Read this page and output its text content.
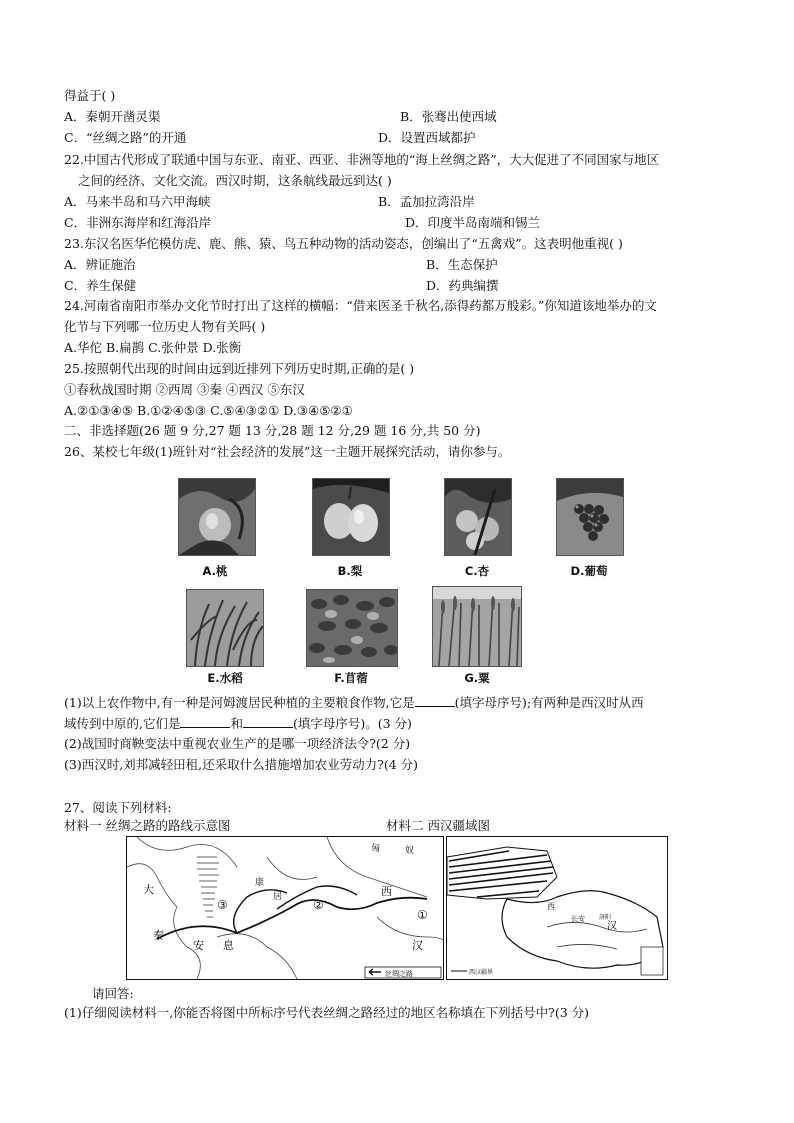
得益于( )
A．秦朝开凿灵渠	B．张骞出使西域
C．“丝绸之路”的开通	D．设置西域都护
22.中国古代形成了联通中国与东亚、南亚、西亚、非洲等地的“海上丝绸之路”，大大促进了不同国家与地区
之间的经济、文化交流。西汉时期，这条航线最远到达( )
A．马来半岛和马六甲海峡	B．孟加拉湾沿岸
C．非洲东海岸和红海沿岸	D．印度半岛南端和锡兰
23.东汉名医华佗模仿虎、鹿、熊、猿、鸟五种动物的活动姿态，创编出了“五禽戏”。这表明他重视( )
A．辨证施治	B．生态保护
C．养生保健	D．药典编撰
24.河南省南阳市举办文化节时打出了这样的横幅：“借来医圣千秋名,添得药都万般彩。”你知道该地举办的文
化节与下列哪一位历史人物有关吗( )
A.华佗 B.扁鹊 C.张仲景 D.张衡
25.按照朝代出现的时间由远到近排列下列历史时期,正确的是( )
①春秋战国时期 ②西周 ③秦 ④西汉 ⑤东汉
A.②①③④⑤ B.①②④⑤③ C.⑤④③②① D.③④⑤②①
二、非选择题(26 题 9 分,27 题 13 分,28 题 12 分,29 题 16 分,共 50 分)
26、某校七年级(1)班针对“社会经济的发展”这一主题开展探究活动，请你参与。
A.桃	B.梨	C.杏	D.葡萄
E.水稻	F.苜蓿	G.粟
(1)以上农作物中,有一种是河姆渡居民种植的主要粮食作物,它是	(填字母序号);有两种是西汉时从西
域传到中原的,它们是	和	(填字母序号)。(3 分)
(2)战国时商鞅变法中重视农业生产的是哪一项经济法令?(2 分)
(3)西汉时,刘邦减轻田租,还采取什么措施增加农业劳动力?(4 分)
27、阅读下列材料:
材料一 丝绸之路的路线示意图	材料二 西汉疆域图
匈	奴
大
秦
康
居	西
汉
安 息
①
②
③
丝绸之路
西
汉
长安 洛阳
西汉疆界
请回答:
(1)仔细阅读材料一,你能否将图中所标序号代表丝绸之路经过的地区名称填在下列括号中?(3 分)
